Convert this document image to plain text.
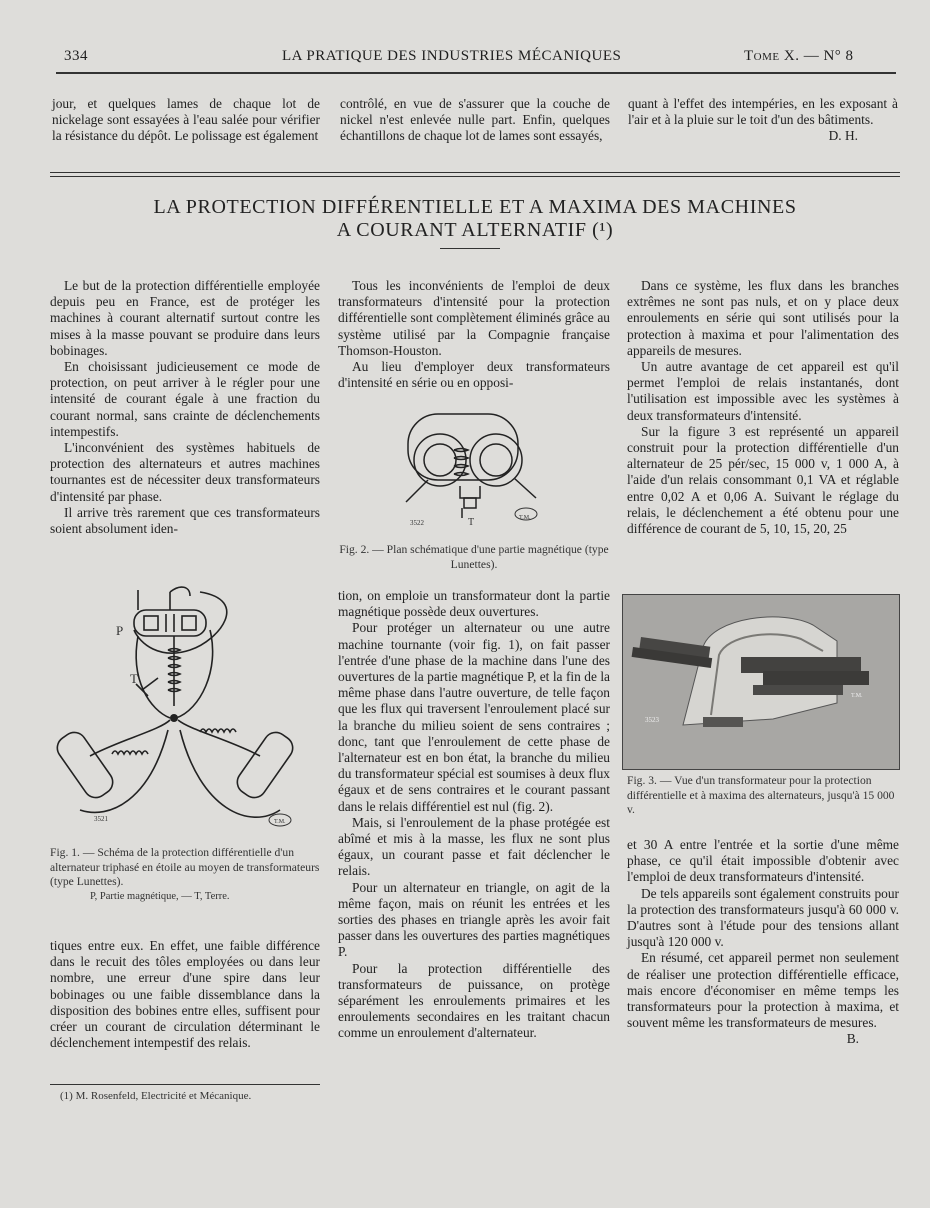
334	LA PRATIQUE DES INDUSTRIES MÉCANIQUES	Tome X. — N° 8

jour, et quelques lames de chaque lot de nickelage sont essayées à l'eau salée pour vérifier la résistance du dépôt. Le polissage est également

contrôlé, en vue de s'assurer que la couche de nickel n'est enlevée nulle part. Enfin, quelques échantillons de chaque lot de lames sont essayés,

quant à l'effet des intempéries, en les exposant à l'air et à la pluie sur le toit d'un des bâtiments.

D. H.
LA PROTECTION DIFFÉRENTIELLE ET A MAXIMA DES MACHINES
A COURANT ALTERNATIF (¹)

Le but de la protection différentielle employée depuis peu en France, est de protéger les machines à courant alternatif surtout contre les mises à la masse pouvant se produire dans leurs bobinages.

En choisissant judicieusement ce mode de protection, on peut arriver à le régler pour une intensité de courant égale à une fraction du courant normal, sans crainte de déclenchements intempestifs.

L'inconvénient des systèmes habituels de protection des alternateurs et autres machines tournantes est de nécessiter deux transformateurs d'intensité par phase.

Il arrive très rarement que ces transformateurs soient absolument iden-

P
T
3521	T.M.
Fig. 1. — Schéma de la protection différentielle d'un alternateur triphasé en étoile au moyen de transformateurs (type Lunettes).
P, Partie magnétique, — T, Terre.

tiques entre eux. En effet, une faible différence dans le recuit des tôles employées ou dans leur nombre, une erreur d'une spire dans leur bobinages ou une faible dissemblance dans la disposition des bobines entre elles, suffisent pour créer un courant de circulation déterminant le déclenchement intempestif des relais.

(1) M. Rosenfeld, Electricité et Mécanique.

Tous les inconvénients de l'emploi de deux transformateurs d'intensité pour la protection différentielle sont complètement éliminés grâce au système utilisé par la Compagnie française Thomson-Houston.

Au lieu d'employer deux transformateurs d'intensité en série ou en opposi-

T
3522
T.M.
Fig. 2. — Plan schématique d'une partie magnétique (type Lunettes).

tion, on emploie un transformateur dont la partie magnétique possède deux ouvertures.

Pour protéger un alternateur ou une autre machine tournante (voir fig. 1), on fait passer l'entrée d'une phase de la machine dans l'une des ouvertures de la partie magnétique P, et la fin de la même phase dans l'autre ouverture, de telle façon que les flux qui traversent l'enroulement placé sur la branche du milieu soient de sens contraires ; donc, tant que l'enroulement de cette phase de l'alternateur est en bon état, la branche du milieu du transformateur spécial est soumises à deux flux égaux et de sens contraires et le courant passant dans le relais différentiel est nul (fig. 2).

Mais, si l'enroulement de la phase protégée est abîmé et mis à la masse, les flux ne sont plus égaux, un courant passe et fait déclencher le relais.

Pour un alternateur en triangle, on agit de la même façon, mais on réunit les entrées et les sorties des phases en triangle après les avoir fait passer dans les ouvertures des parties magnétiques P.

Pour la protection différentielle des transformateurs de puissance, on protège séparément les enroulements primaires et les enroulements secondaires en les traitant chacun comme un enroulement d'alternateur.

Dans ce système, les flux dans les branches extrêmes ne sont pas nuls, et on y place deux enroulements en série qui sont utilisés pour la protection à maxima et pour l'alimentation des appareils de mesures.

Un autre avantage de cet appareil est qu'il permet l'emploi de relais instantanés, dont l'utilisation est impossible avec les systèmes à deux transformateurs d'intensité.

Sur la figure 3 est représenté un appareil construit pour la protection différentielle d'un alternateur de 25 pér/sec, 15 000 v, 1 000 A, à l'aide d'un relais consommant 0,1 VA et réglable entre 0,02 A et 0,06 A. Suivant le réglage du relais, le déclenchement a été obtenu pour une différence de courant de 5, 10, 15, 20, 25

3523
T.M.
Fig. 3. — Vue d'un transformateur pour la protection différentielle et à maxima des alternateurs, jusqu'à 15 000 v.

et 30 A entre l'entrée et la sortie d'une même phase, ce qu'il était impossible d'obtenir avec l'emploi de deux transformateurs d'intensité.

De tels appareils sont également construits pour la protection des transformateurs jusqu'à 60 000 v. D'autres sont à l'étude pour des tensions allant jusqu'à 120 000 v.

En résumé, cet appareil permet non seulement de réaliser une protection différentielle efficace, mais encore d'économiser en même temps les transformateurs pour la protection à maxima, et souvent même les transformateurs de mesures.

B.
